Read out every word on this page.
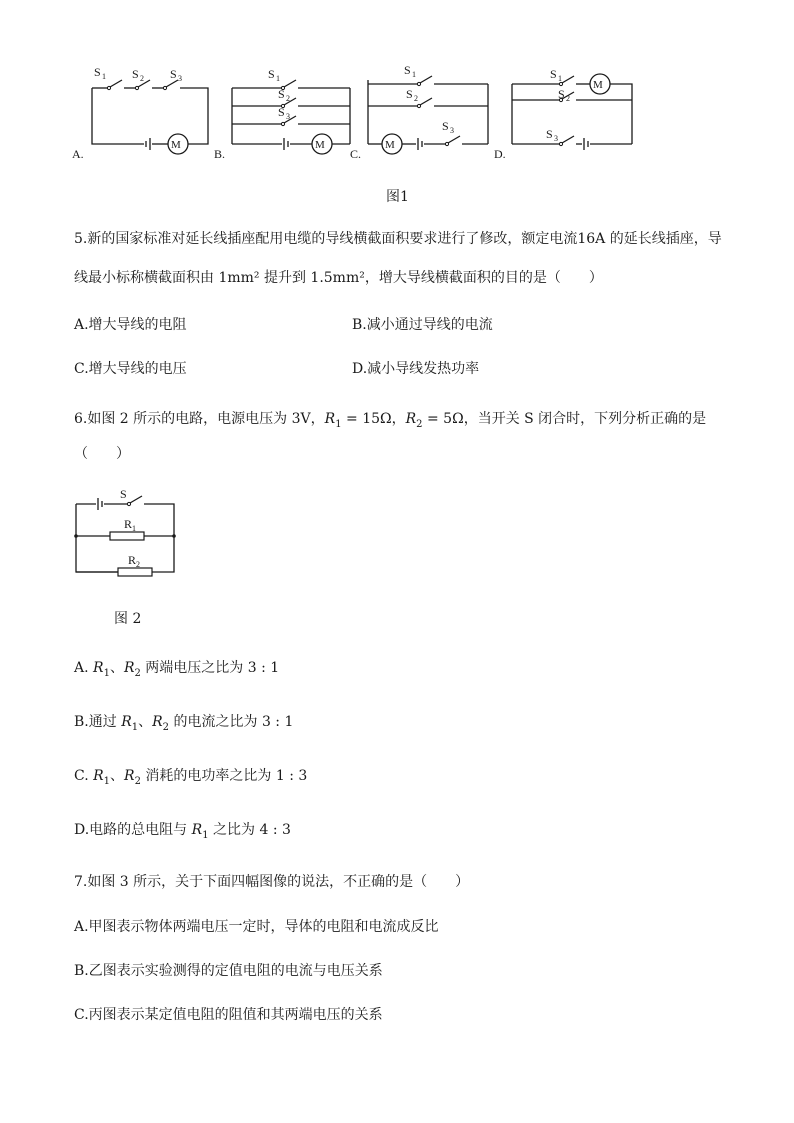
M
S 1 S 2 S 3
A.
M
S 1
S 2
S 3
B.
M
S 1
S 2
S 3
C.
M
S 1
S 2
S 3
D.
图1
5.新的国家标准对延长线插座配用电缆的导线横截面积要求进行了修改，额定电流16A 的延长线插座，导
线最小标称横截面积由 1mm² 提升到 1.5mm²，增大导线横截面积的目的是（　　）
A.增大导线的电阻	B.减小通过导线的电流
C.增大导线的电压	D.减小导线发热功率
6.如图 2 所示的电路，电源电压为 3V，$R_1 = 15\Omega$，$R_2 = 5\Omega$，当开关 S 闭合时，下列分析正确的是
（　　）
S
R 1
R 2
图 2
A. $R_1$、$R_2$ 两端电压之比为 3 : 1
B.通过 $R_1$、$R_2$ 的电流之比为 3 : 1
C. $R_1$、$R_2$ 消耗的电功率之比为 1 : 3
D.电路的总电阻与 $R_1$ 之比为 4 : 3
7.如图 3 所示，关于下面四幅图像的说法，不正确的是（　　）
A.甲图表示物体两端电压一定时，导体的电阻和电流成反比
B.乙图表示实验测得的定值电阻的电流与电压关系
C.丙图表示某定值电阻的阻值和其两端电压的关系
